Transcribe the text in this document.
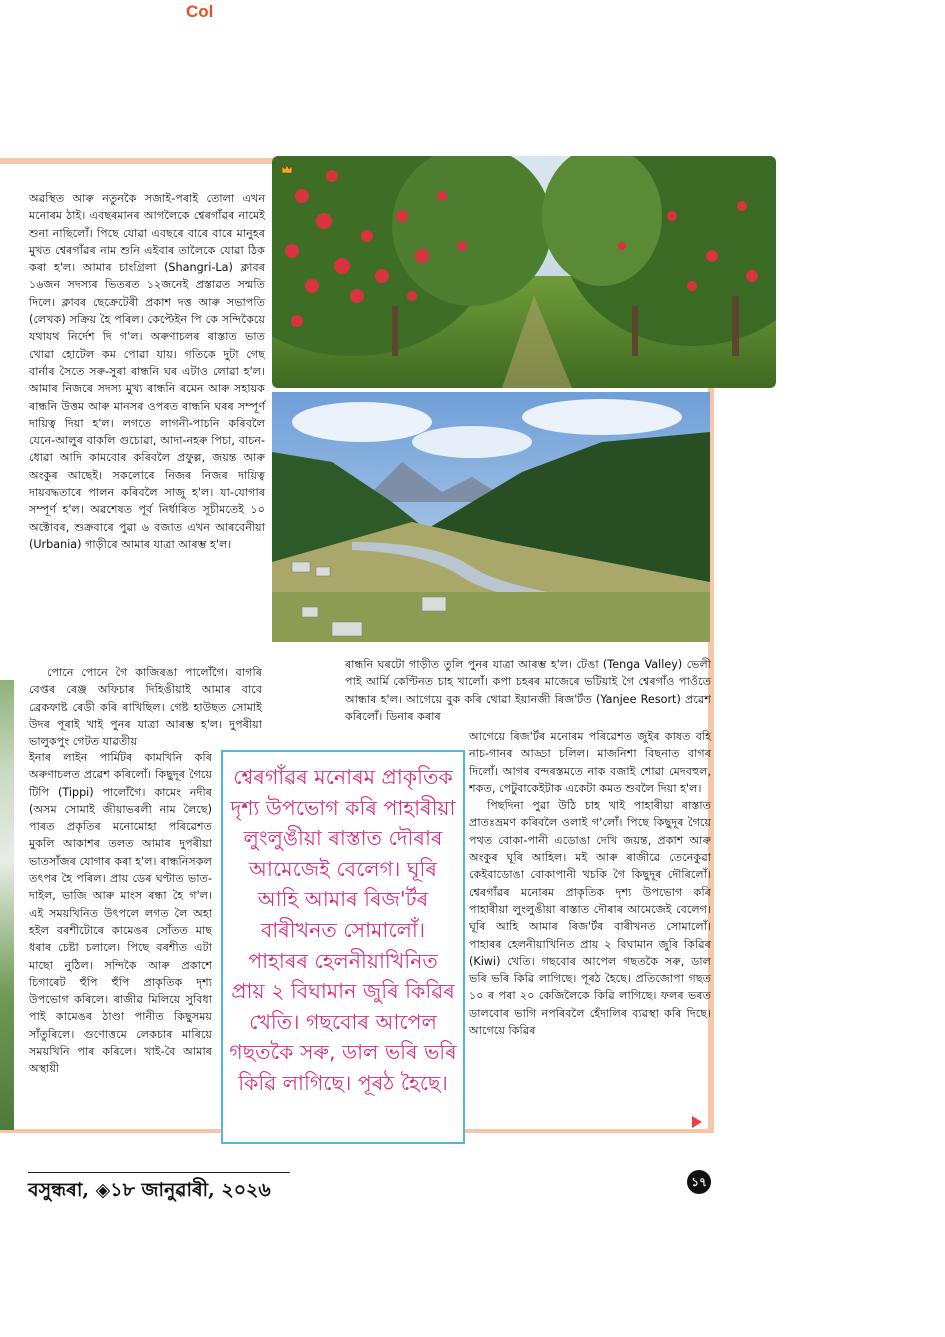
Col

অৱস্থিত আৰু নতুনকৈ সজাই-পৰাই তোলা এখন মনোৰম ঠাই। এবছৰমানৰ আগলৈকে শ্বেৰগাঁৱৰ নামেই শুনা নাছিলোঁ। পিছে যোৱা এবছৰে বাৰে বাৰে মানুহৰ মুখত শ্বেৰগাঁৱৰ নাম শুনি এইবাৰ তালৈকে যোৱা ঠিক কৰা হ'ল। আমাৰ চাংগ্ৰিলা (Shangri-La) ক্লাবৰ ১৬জন সদস্যৰ ভিতৰত ১২জনেই প্ৰস্তাৱত সন্মতি দিলে। ক্লাবৰ ছেক্ৰেটেৰী প্ৰকাশ দত্ত আৰু সভাপতি (লেখক) সক্ৰিয় হৈ পৰিল। কেপ্টেইন পি কে সন্দিকৈয়ে যথাযথ নিৰ্দেশ দি গ'ল। অৰুণাচলৰ ৰাস্তাত ভাত খোৱা হোটেল কম পোৱা যায়। গতিকে দুটা গেছ বাৰ্নাৰ সৈতে সৰু-সুৰা ৰান্ধনি ঘৰ এটাও লোৱা হ'ল। আমাৰ নিজৰে সদস্য মুখ্য ৰান্ধনি ৰমেন আৰু সহায়ক ৰান্ধনি উত্তম আৰু মানসৰ ওপৰত ৰান্ধনি ঘৰৰ সম্পূৰ্ণ দায়িত্ব দিয়া হ'ল। লগতে লাগনী-পাচনি কৰিবলৈ যেনে-আলুৰ বাকলি গুচোৱা, আদা-নহৰু পিচা, বাচন-ধোৱা আদি কামবোৰ কৰিবলৈ প্ৰফুল্ল, জয়ন্ত আৰু অংকুৰ আছেই। সকলোৰে নিজৰ নিজৰ দায়িত্ব দায়বদ্ধতাৰে পালন কৰিবলৈ সাজু হ'ল। যা-যোগাৰ সম্পূৰ্ণ হ'ল। অৱশেষত পূৰ্ব নিৰ্ধাৰিত সূচীমতেই ১০ অক্টোবৰ, শুক্ৰবাৰে পুৱা ৬ বজাত এখন আৰবেনীয়া (Urbania) গাড়ীৰে আমাৰ যাত্ৰা আৰম্ভ হ'ল।

পোনে পোনে গৈ কাজিৰঙা পালোঁগৈ। বাগৰি বেপ্তৰ ৰেঞ্জ অফিচাৰ দিহিঙীয়াই আমাৰ বাবে ব্ৰেকফাষ্ট ৰেডী কৰি ৰাখিছিল। গেষ্ট হাউছত সোমাই উদৰ পূৰাই খাই পুনৰ যাত্ৰা আৰম্ভ হ'ল। দুপৰীয়া ভালুকপুং গেটত যাৱতীয়

ইনাৰ লাইন পাৰ্মিটৰ কামখিনি কৰি অৰুণাচলত প্ৰৱেশ কৰিলোঁ। কিছুদূৰ গৈয়ে টিপি (Tippi) পালোঁগৈ। কামেং নদীৰ (অসম সোমাই জীয়াভৰলী নাম লৈছে) পাৰত প্ৰকৃতিৰ মনোমোহা পৰিৱেশত মুকলি আকাশৰ তলত আমাৰ দুপৰীয়া ভাতসাঁজৰ যোগাৰ কৰা হ'ল। ৰান্ধনিসকল তৎপৰ হৈ পৰিল। প্ৰায় ডেৰ ঘণ্টাত ভাত-দাইল, ভাজি আৰু মাংস ৰন্ধা হৈ গ'ল। এই সময়খিনিত উৎপলে লগত লৈ অহা হইল বৰশীটোৰে কামেঙৰ সোঁতত মাছ ধৰাৰ চেষ্টা চলালে। পিছে বৰশীত এটা মাছো নুঠিল। সন্দিকৈ আৰু প্ৰকাশে চিগাৰেট হুঁপি হুঁপি প্ৰাকৃতিক দৃশ্য উপভোগ কৰিলে। ৰাজীৱ মিলিয়ে সুবিধা পাই কামেঙৰ ঠাণ্ডা পানীত কিছুসময় সাঁতুৰিলে। গুণোত্তমে লেকচাৰ মাৰিয়ে সময়খিনি পাৰ কৰিলে। খাই-বৈ আমাৰ অস্থায়ী

ৰান্ধনি ঘৰটো গাড়ীত তুলি পুনৰ যাত্ৰা আৰম্ভ হ'ল। টেঙা (Tenga Valley) ভেলী পাই আৰ্মি কেণ্টিনত চাহ খালোঁ। কপা চহৰৰ মাজেৰে ভটিয়াই গৈ শ্বেৰগাঁও পাওঁতে আন্ধাৰ হ'ল। আগেয়ে বুক কৰি থোৱা ইয়ানজী ৰিজ'ৰ্টত (Yanjee Resort) প্ৰৱেশ কৰিলোঁ। ডিনাৰ কৰাৰ

আগেয়ে ৰিজ'ৰ্টৰ মনোৰম পৰিৱেশত জুইৰ কাষত বহি নাচ-গানৰ আড্ডা চলিল। মাজনিশা বিছনাত বাগৰ দিলোঁ। আগৰ বন্দৰস্তমতে নাক বজাই শোৱা মেদবহুল, শকত, পেটুবাকেইটাক একেটা কমত শুবলৈ দিয়া হ'ল।

পিছদিনা পুৱা উঠি চাহ খাই পাহাৰীয়া ৰাস্তাত প্ৰাতঃভ্ৰমণ কৰিবলৈ ওলাই গ'লোঁ। পিছে কিছুদূৰ গৈয়ে পথত বোকা-পানী এডোঙা দেখি জয়ন্ত, প্ৰকাশ আৰু অংকুৰ ঘূৰি আহিল। মই আৰু ৰাজীৱে তেনেকুৱা কেইবাডোঙা বোকাপানী খচকি গৈ কিছুদূৰ দৌৰিলোঁ। শ্বেৰগাঁৱৰ মনোৰম প্ৰাকৃতিক দৃশ্য উপভোগ কৰি পাহাৰীয়া লুংলুঙীয়া ৰাস্তাত দৌৰাৰ আমেজেই বেলেগ। ঘূৰি আহি আমাৰ ৰিজ'ৰ্টৰ বাৰীখনত সোমালোঁ। পাহাৰৰ হেলনীয়াখিনিত প্ৰায় ২ বিঘামান জুৰি কিৱিৰ (Kiwi) খেতি। গছবোৰ আপেল গছতকৈ সৰু, ডাল ভৰি ভৰি কিৱি লাগিছে। পূৰঠ হৈছে। প্ৰতিজোপা গছত ১০ ৰ পৰা ২০ কেজিলৈকে কিৱি লাগিছে। ফলৰ ভৰত ডালবোৰ ভাগি নপৰিবলৈ হেঁদালিৰ ব্যৱস্থা কৰি দিছে। আগেয়ে কিৱিৰ

শ্বেৰগাঁৱৰ মনোৰম প্ৰাকৃতিক দৃশ্য উপভোগ কৰি পাহাৰীয়া লুংলুঙীয়া ৰাস্তাত দৌৰাৰ আমেজেই বেলেগ। ঘূৰি আহি আমাৰ ৰিজ'ৰ্টৰ বাৰীখনত সোমালোঁ। পাহাৰৰ হেলনীয়াখিনিত প্ৰায় ২ বিঘামান জুৰি কিৱিৰ খেতি। গছবোৰ আপেল গছতকৈ সৰু, ডাল ভৰি ভৰি কিৱি লাগিছে। পূৰঠ হৈছে।
বসুন্ধৰা, ◈১৮ জানুৱাৰী, ২০২৬	১৭
